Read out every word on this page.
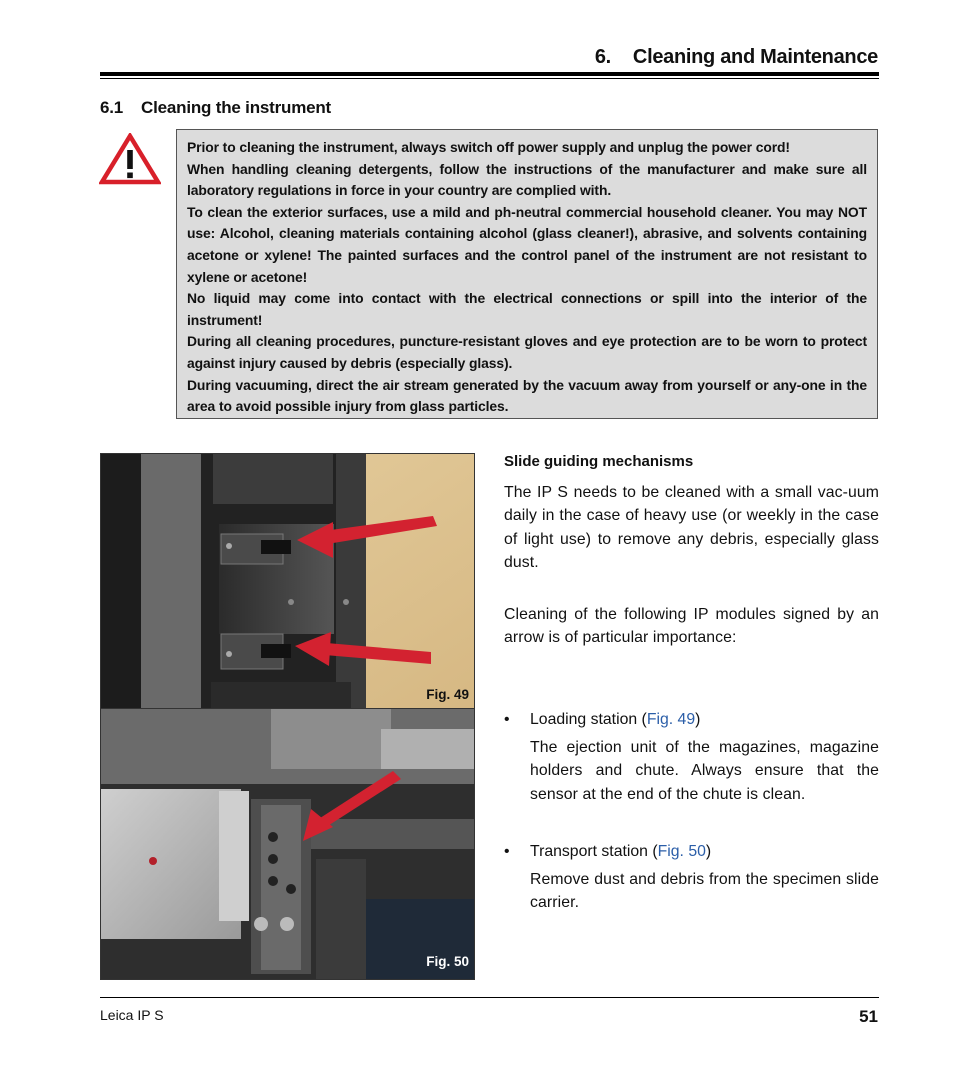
6. Cleaning and Maintenance
6.1 Cleaning the instrument

Prior to cleaning the instrument, always switch off power supply and unplug the power cord!

When handling cleaning detergents, follow the instructions of the manufacturer and make sure all laboratory regulations in force in your country are complied with.

To clean the exterior surfaces, use a mild and ph-neutral commercial household cleaner. You may NOT use: Alcohol, cleaning materials containing alcohol (glass cleaner!), abrasive, and solvents containing acetone or xylene! The painted surfaces and the control panel of the instrument are not resistant to xylene or acetone!

No liquid may come into contact with the electrical connections or spill into the interior of the instrument!

During all cleaning procedures, puncture-resistant gloves and eye protection are to be worn to protect against injury caused by debris (especially glass).

During vacuuming, direct the air stream generated by the vacuum away from yourself or any-one in the area to avoid possible injury from glass particles.

Fig. 49
Fig. 50
Slide guiding mechanisms

The IP S needs to be cleaned with a small vac-uum daily in the case of heavy use (or weekly in the case of light use) to remove any debris, especially glass dust.

Cleaning of the following IP modules signed by an arrow is of particular importance:

• Loading station (Fig. 49)

The ejection unit of the magazines, magazine holders and chute. Always ensure that the sensor at the end of the chute is clean.

• Transport station (Fig. 50)

Remove dust and debris from the specimen slide carrier.

Leica IP S	51
